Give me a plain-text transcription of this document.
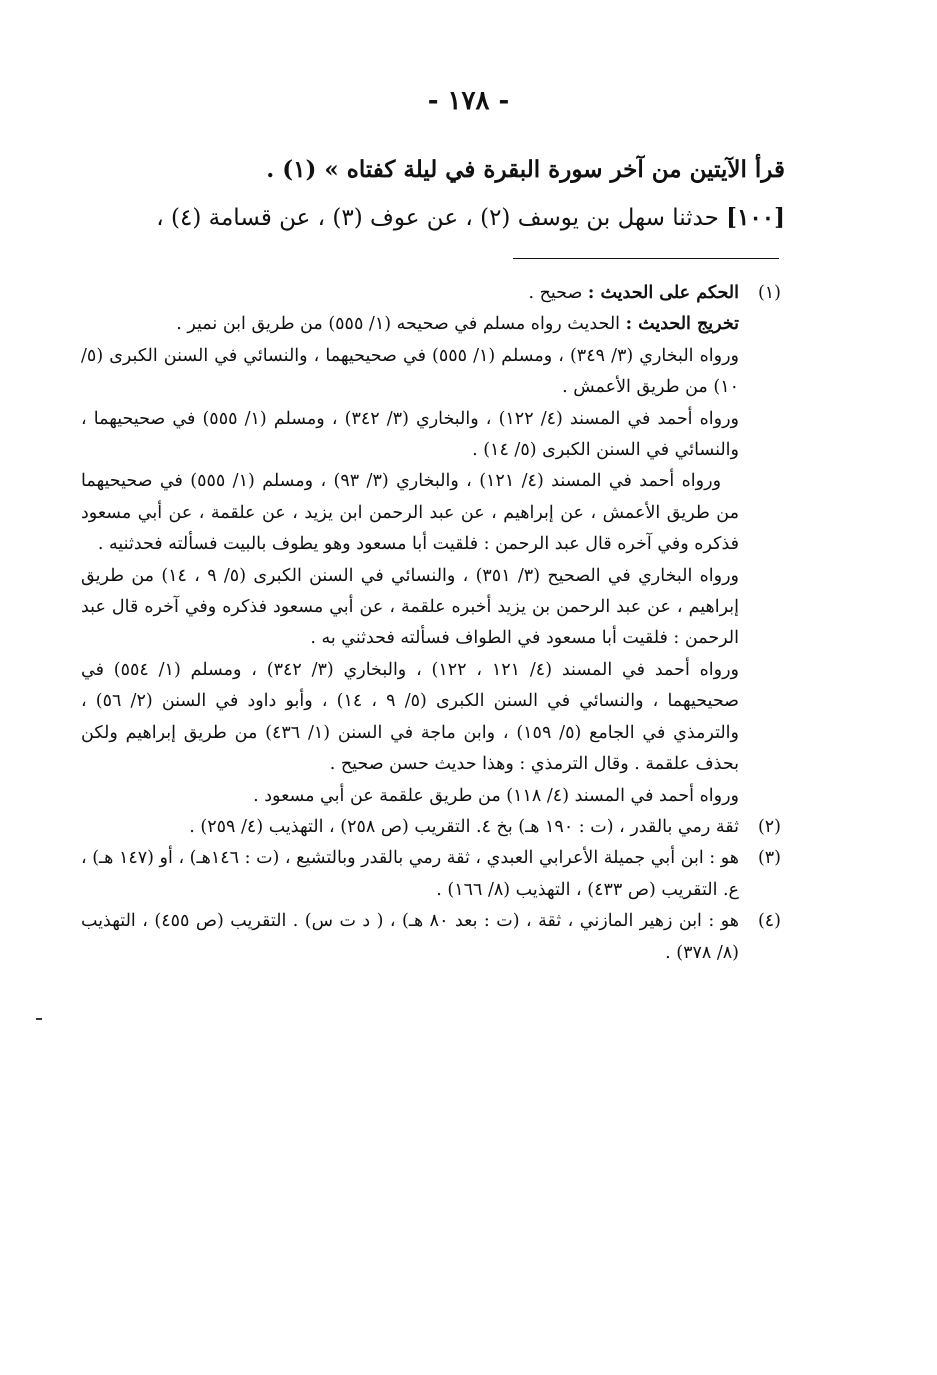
- ١٧٨ -
قرأ الآيتين من آخر سورة البقرة في ليلة كفتاه » (١) .
[١٠٠] حدثنا سهل بن يوسف (٢) ، عن عوف (٣) ، عن قسامة (٤) ،
(١)

الحكم على الحديث : صحيح .

تخريج الحديث : الحديث رواه مسلم في صحيحه (١/ ٥٥٥) من طريق ابن نمير .

ورواه البخاري (٣/ ٣٤٩) ، ومسلم (١/ ٥٥٥) في صحيحيهما ، والنسائي في السنن الكبرى (٥/ ١٠) من طريق الأعمش .

ورواه أحمد في المسند (٤/ ١٢٢) ، والبخاري (٣/ ٣٤٢) ، ومسلم (١/ ٥٥٥) في صحيحيهما ، والنسائي في السنن الكبرى (٥/ ١٤) .

ورواه أحمد في المسند (٤/ ١٢١) ، والبخاري (٣/ ٩٣) ، ومسلم (١/ ٥٥٥) في صحيحيهما من طريق الأعمش ، عن إبراهيم ، عن عبد الرحمن ابن يزيد ، عن علقمة ، عن أبي مسعود فذكره وفي آخره قال عبد الرحمن : فلقيت أبا مسعود وهو يطوف بالبيت فسألته فحدثنيه .

ورواه البخاري في الصحيح (٣/ ٣٥١) ، والنسائي في السنن الكبرى (٥/ ٩ ، ١٤) من طريق إبراهيم ، عن عبد الرحمن بن يزيد أخبره علقمة ، عن أبي مسعود فذكره وفي آخره قال عبد الرحمن : فلقيت أبا مسعود في الطواف فسألته فحدثني به .

ورواه أحمد في المسند (٤/ ١٢١ ، ١٢٢) ، والبخاري (٣/ ٣٤٢) ، ومسلم (١/ ٥٥٤) في صحيحيهما ، والنسائي في السنن الكبرى (٥/ ٩ ، ١٤) ، وأبو داود في السنن (٢/ ٥٦) ، والترمذي في الجامع (٥/ ١٥٩) ، وابن ماجة في السنن (١/ ٤٣٦) من طريق إبراهيم ولكن بحذف علقمة . وقال الترمذي : وهذا حديث حسن صحيح .

ورواه أحمد في المسند (٤/ ١١٨) من طريق علقمة عن أبي مسعود .

(٢)

ثقة رمي بالقدر ، (ت : ١٩٠ هـ) بخ ٤. التقريب (ص ٢٥٨) ، التهذيب (٤/ ٢٥٩) .

(٣)

هو : ابن أبي جميلة الأعرابي العبدي ، ثقة رمي بالقدر وبالتشيع ، (ت : ١٤٦هـ) ، أو (١٤٧ هـ) ، ع. التقريب (ص ٤٣٣) ، التهذيب (٨/ ١٦٦) .

(٤)

هو : ابن زهير المازني ، ثقة ، (ت : بعد ٨٠ هـ) ، ( د ت س) . التقريب (ص ٤٥٥) ، التهذيب (٨/ ٣٧٨) .
